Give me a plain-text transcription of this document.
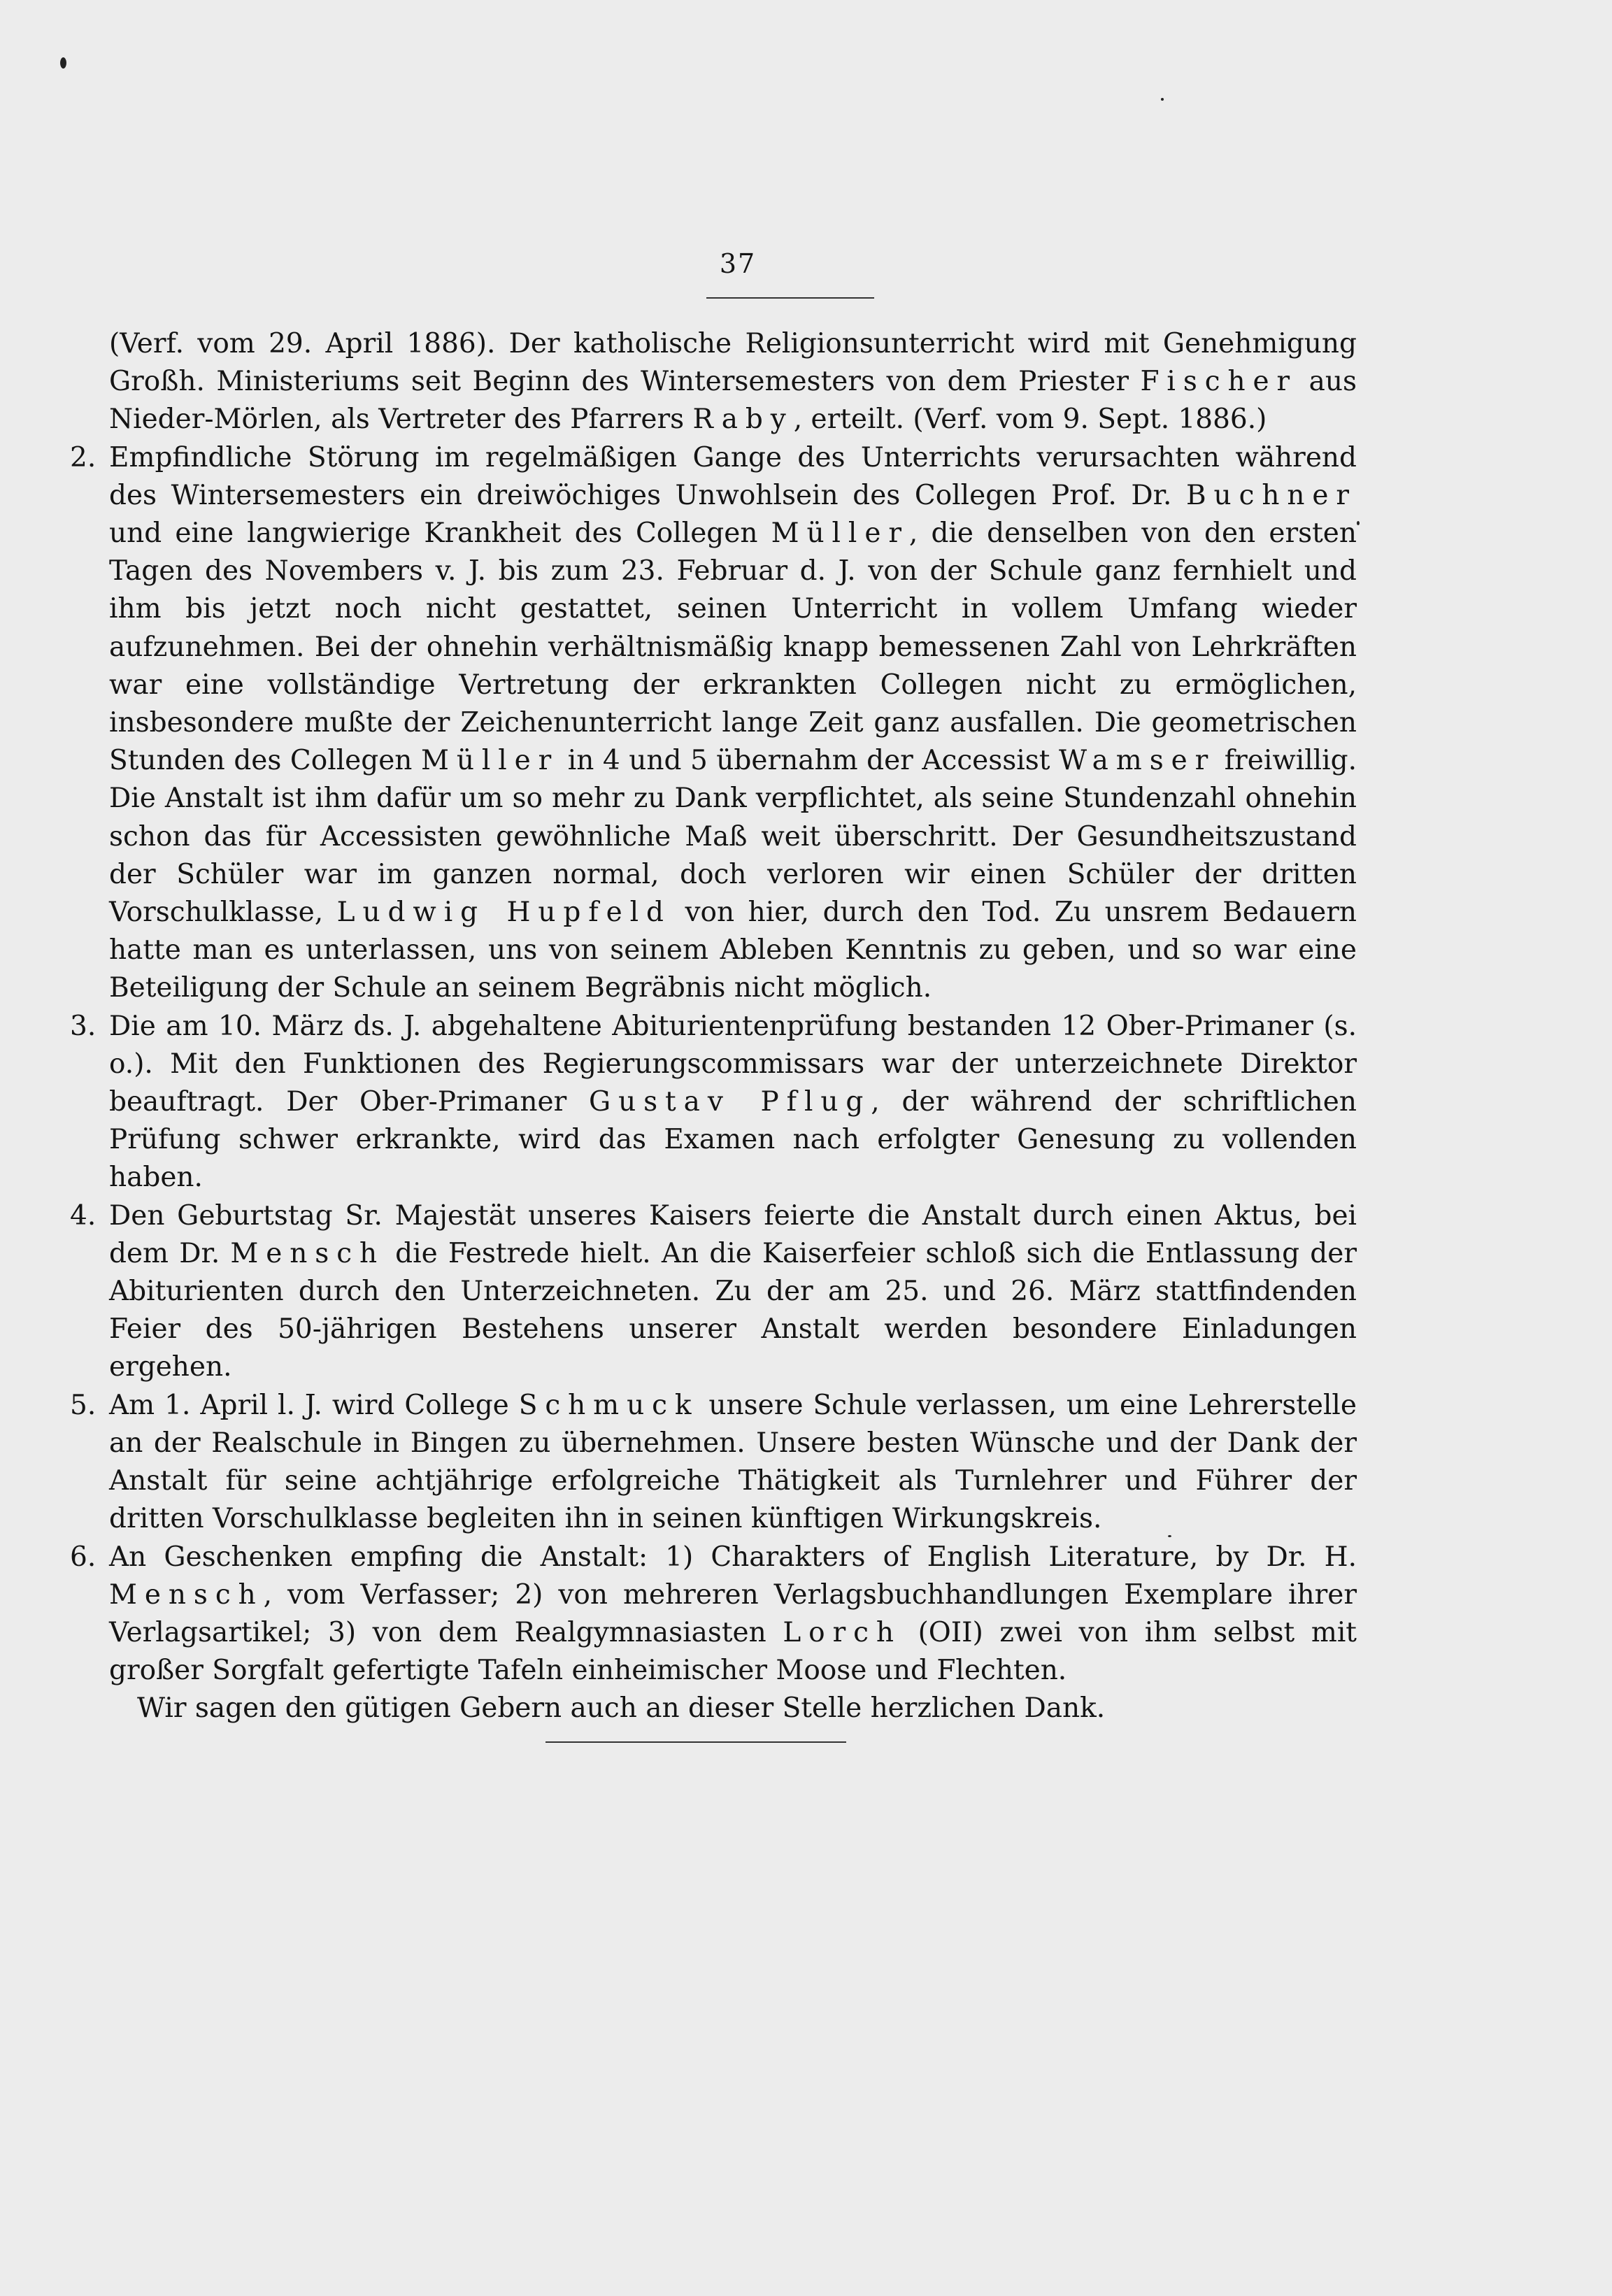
37

(Verf. vom 29. April 1886). Der katholische Religionsunterricht wird mit Genehmigung Großh. Ministeriums seit Beginn des Wintersemesters von dem Priester Fischer aus Nieder-Mörlen, als Vertreter des Pfarrers Raby, erteilt. (Verf. vom 9. Sept. 1886.)

2. Empfindliche Störung im regelmäßigen Gange des Unterrichts verursachten während des Wintersemesters ein dreiwöchiges Unwohlsein des Collegen Prof. Dr. Buchner und eine langwierige Krankheit des Collegen Müller, die denselben von den ersten Tagen des Novembers v. J. bis zum 23. Februar d. J. von der Schule ganz fernhielt und ihm bis jetzt noch nicht gestattet, seinen Unterricht in vollem Umfang wieder aufzunehmen. Bei der ohnehin verhältnismäßig knapp bemessenen Zahl von Lehrkräften war eine vollständige Vertretung der erkrankten Collegen nicht zu ermöglichen, insbesondere mußte der Zeichenunterricht lange Zeit ganz ausfallen. Die geometrischen Stunden des Collegen Müller in 4 und 5 übernahm der Accessist Wamser freiwillig. Die Anstalt ist ihm dafür um so mehr zu Dank verpflichtet, als seine Stundenzahl ohnehin schon das für Accessisten gewöhnliche Maß weit überschritt. Der Gesundheitszustand der Schüler war im ganzen normal, doch verloren wir einen Schüler der dritten Vorschulklasse, Ludwig Hupfeld von hier, durch den Tod. Zu unsrem Bedauern hatte man es unterlassen, uns von seinem Ableben Kenntnis zu geben, und so war eine Beteiligung der Schule an seinem Begräbnis nicht möglich.

3. Die am 10. März ds. J. abgehaltene Abiturientenprüfung bestanden 12 Ober-Primaner (s. o.). Mit den Funktionen des Regierungscommissars war der unterzeichnete Direktor beauftragt. Der Ober-Primaner Gustav Pflug, der während der schriftlichen Prüfung schwer erkrankte, wird das Examen nach erfolgter Genesung zu vollenden haben.

4. Den Geburtstag Sr. Majestät unseres Kaisers feierte die Anstalt durch einen Aktus, bei dem Dr. Mensch die Festrede hielt. An die Kaiserfeier schloß sich die Entlassung der Abiturienten durch den Unterzeichneten. Zu der am 25. und 26. März stattfindenden Feier des 50-jährigen Bestehens unserer Anstalt werden besondere Einladungen ergehen.

5. Am 1. April l. J. wird College Schmuck unsere Schule verlassen, um eine Lehrerstelle an der Realschule in Bingen zu übernehmen. Unsere besten Wünsche und der Dank der Anstalt für seine achtjährige erfolgreiche Thätigkeit als Turnlehrer und Führer der dritten Vorschulklasse begleiten ihn in seinen künftigen Wirkungskreis.

6. An Geschenken empfing die Anstalt: 1) Charakters of English Literature, by Dr. H. Mensch, vom Verfasser; 2) von mehreren Verlagsbuchhandlungen Exemplare ihrer Verlagsartikel; 3) von dem Realgymnasiasten Lorch (OII) zwei von ihm selbst mit großer Sorgfalt gefertigte Tafeln einheimischer Moose und Flechten.

Wir sagen den gütigen Gebern auch an dieser Stelle herzlichen Dank.
